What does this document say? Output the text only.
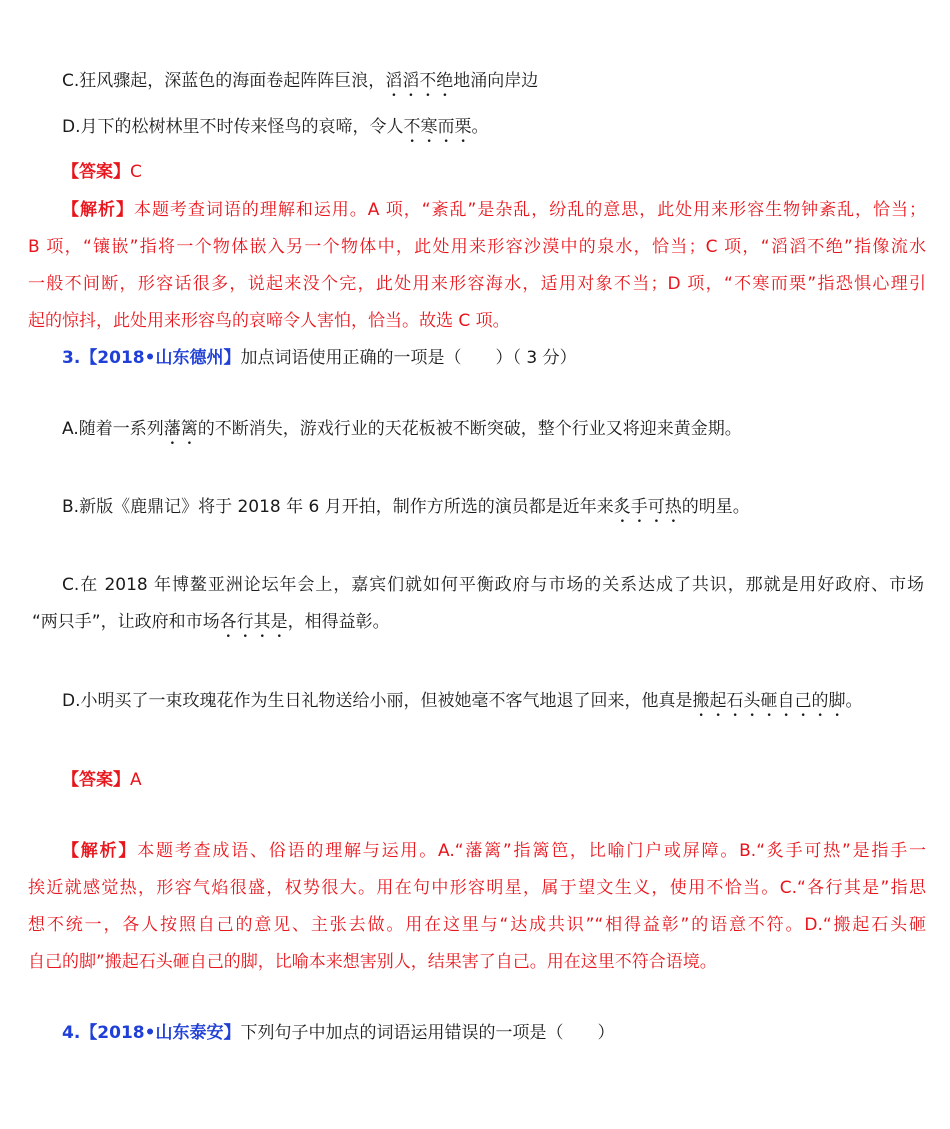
C.狂风骤起，深蓝色的海面卷起阵阵巨浪，滔滔不绝地涌向岸边
D.月下的松树林里不时传来怪鸟的哀啼，令人不寒而栗。
【答案】C
【解析】本题考查词语的理解和运用。A 项，“紊乱”是杂乱，纷乱的意思，此处用来形容生物钟紊乱，恰当；
B 项，“镶嵌”指将一个物体嵌入另一个物体中，此处用来形容沙漠中的泉水，恰当；C 项，“滔滔不绝”指像流水
一般不间断，形容话很多，说起来没个完，此处用来形容海水，适用对象不当；D 项，“不寒而栗”指恐惧心理引
起的惊抖，此处用来形容鸟的哀啼令人害怕，恰当。故选 C 项。
3.【2018•山东德州】加点词语使用正确的一项是（　　）（ 3 分）
A.随着一系列藩篱的不断消失，游戏行业的天花板被不断突破，整个行业又将迎来黄金期。
B.新版《鹿鼎记》将于 2018 年 6 月开拍，制作方所选的演员都是近年来炙手可热的明星。
C.在 2018 年博鳌亚洲论坛年会上，嘉宾们就如何平衡政府与市场的关系达成了共识，那就是用好政府、市场
“两只手”，让政府和市场各行其是，相得益彰。
D.小明买了一束玫瑰花作为生日礼物送给小丽，但被她毫不客气地退了回来，他真是搬起石头砸自己的脚。
【答案】A
【解析】本题考查成语、俗语的理解与运用。A.“藩篱”指篱笆，比喻门户或屏障。B.“炙手可热”是指手一
挨近就感觉热，形容气焰很盛，权势很大。用在句中形容明星，属于望文生义，使用不恰当。C.“各行其是”指思
想不统一，各人按照自己的意见、主张去做。用在这里与“达成共识”“相得益彰”的语意不符。D.“搬起石头砸
自己的脚”搬起石头砸自己的脚，比喻本来想害别人，结果害了自己。用在这里不符合语境。
4.【2018•山东泰安】下列句子中加点的词语运用错误的一项是（　　）
